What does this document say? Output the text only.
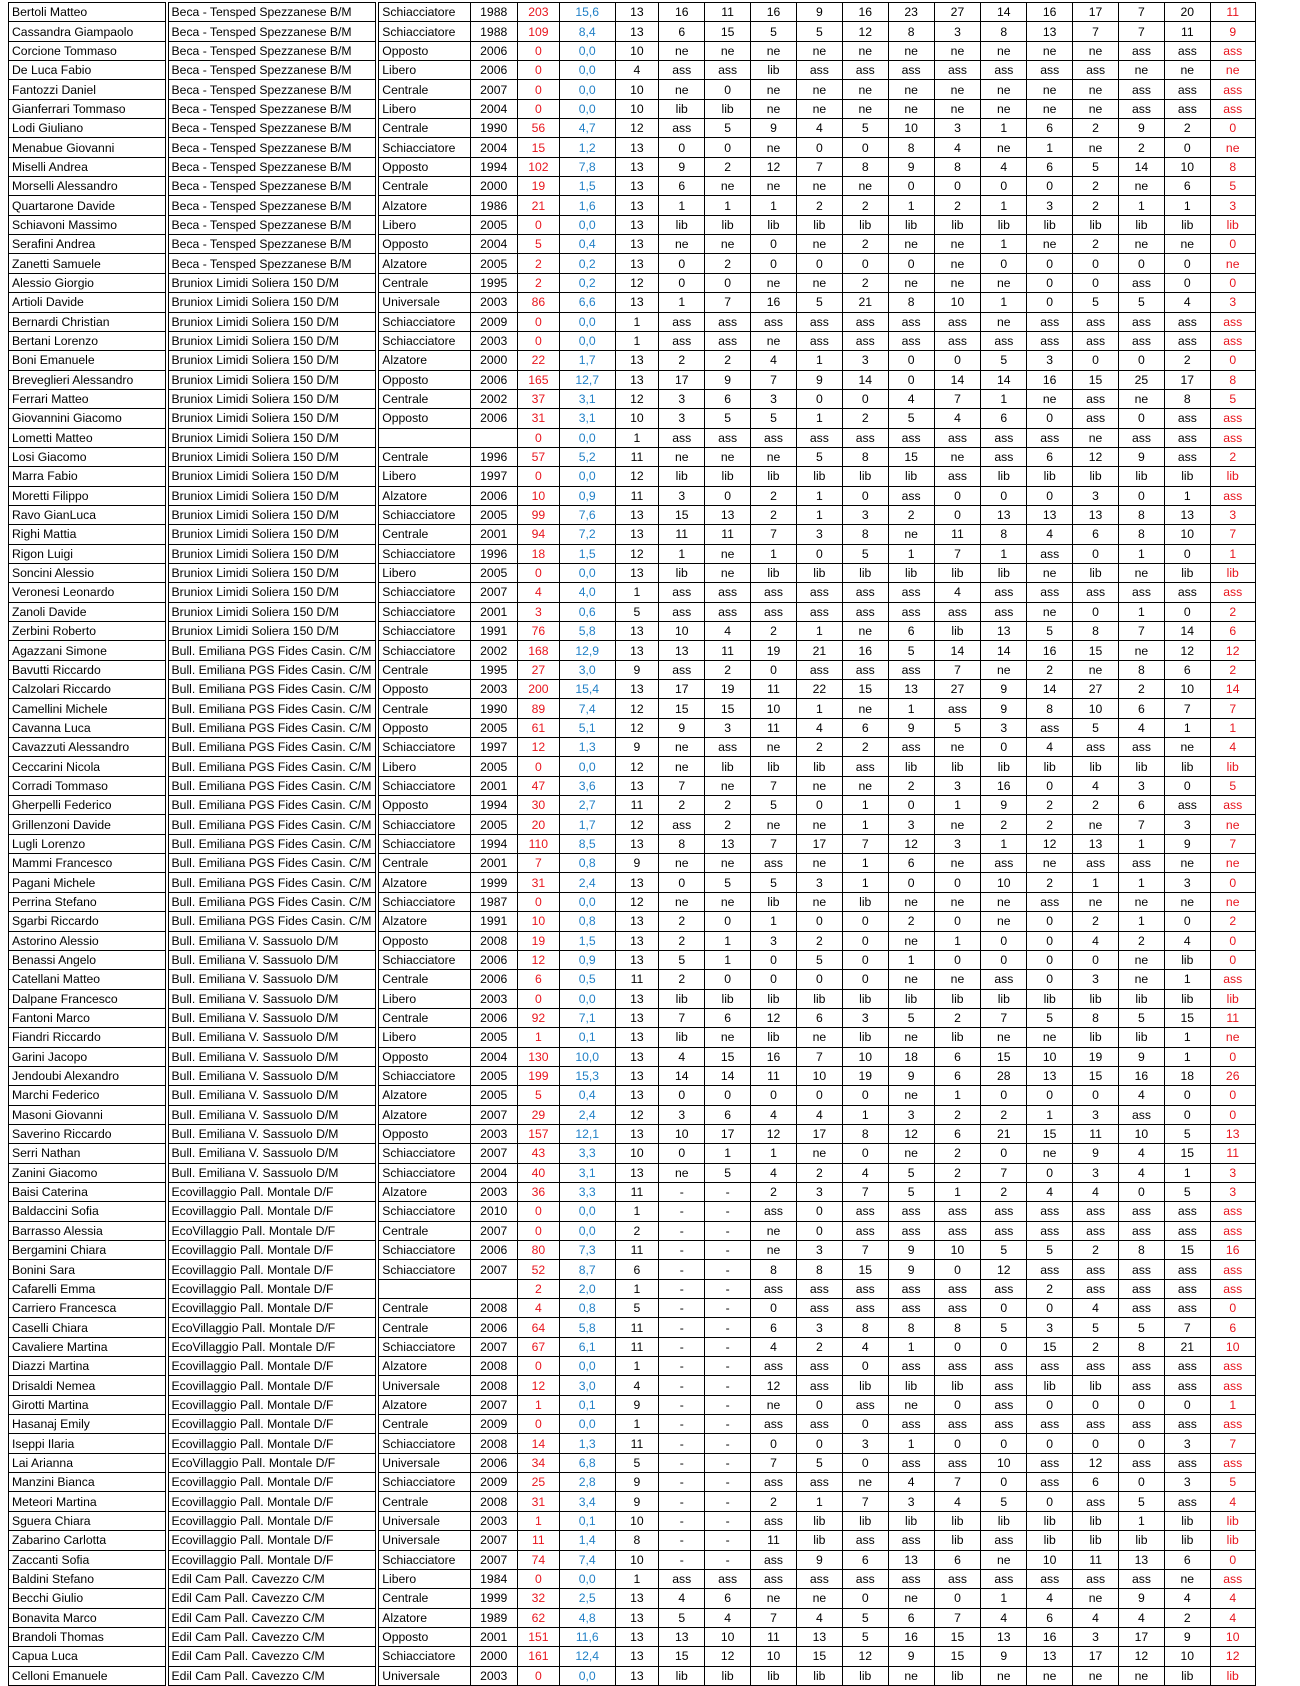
Bertoli Matteo		Beca - Tensped Spezzanese B/M		Schiacciatore	1988	203	15,6	13	16	11	16	9	16	23	27	14	16	17	7	20	11
Cassandra Giampaolo		Beca - Tensped Spezzanese B/M		Schiacciatore	1988	109	8,4	13	6	15	5	5	12	8	3	8	13	7	7	11	9
Corcione Tommaso		Beca - Tensped Spezzanese B/M		Opposto	2006	0	0,0	10	ne	ne	ne	ne	ne	ne	ne	ne	ne	ne	ass	ass	ass
De Luca Fabio		Beca - Tensped Spezzanese B/M		Libero	2006	0	0,0	4	ass	ass	lib	ass	ass	ass	ass	ass	ass	ass	ne	ne	ne
Fantozzi Daniel		Beca - Tensped Spezzanese B/M		Centrale	2007	0	0,0	10	ne	0	ne	ne	ne	ne	ne	ne	ne	ne	ass	ass	ass
Gianferrari Tommaso		Beca - Tensped Spezzanese B/M		Libero	2004	0	0,0	10	lib	lib	ne	ne	ne	ne	ne	ne	ne	ne	ass	ass	ass
Lodi Giuliano		Beca - Tensped Spezzanese B/M		Centrale	1990	56	4,7	12	ass	5	9	4	5	10	3	1	6	2	9	2	0
Menabue Giovanni		Beca - Tensped Spezzanese B/M		Schiacciatore	2004	15	1,2	13	0	0	ne	0	0	8	4	ne	1	ne	2	0	ne
Miselli Andrea		Beca - Tensped Spezzanese B/M		Opposto	1994	102	7,8	13	9	2	12	7	8	9	8	4	6	5	14	10	8
Morselli Alessandro		Beca - Tensped Spezzanese B/M		Centrale	2000	19	1,5	13	6	ne	ne	ne	ne	0	0	0	0	2	ne	6	5
Quartarone Davide		Beca - Tensped Spezzanese B/M		Alzatore	1986	21	1,6	13	1	1	1	2	2	1	2	1	3	2	1	1	3
Schiavoni Massimo		Beca - Tensped Spezzanese B/M		Libero	2005	0	0,0	13	lib	lib	lib	lib	lib	lib	lib	lib	lib	lib	lib	lib	lib
Serafini Andrea		Beca - Tensped Spezzanese B/M		Opposto	2004	5	0,4	13	ne	ne	0	ne	2	ne	ne	1	ne	2	ne	ne	0
Zanetti Samuele		Beca - Tensped Spezzanese B/M		Alzatore	2005	2	0,2	13	0	2	0	0	0	0	ne	0	0	0	0	0	ne
Alessio Giorgio		Bruniox Limidi Soliera 150 D/M		Centrale	1995	2	0,2	12	0	0	ne	ne	2	ne	ne	ne	0	0	ass	0	0
Artioli Davide		Bruniox Limidi Soliera 150 D/M		Universale	2003	86	6,6	13	1	7	16	5	21	8	10	1	0	5	5	4	3
Bernardi Christian		Bruniox Limidi Soliera 150 D/M		Schiacciatore	2009	0	0,0	1	ass	ass	ass	ass	ass	ass	ass	ne	ass	ass	ass	ass	ass
Bertani Lorenzo		Bruniox Limidi Soliera 150 D/M		Schiacciatore	2003	0	0,0	1	ass	ass	ne	ass	ass	ass	ass	ass	ass	ass	ass	ass	ass
Boni Emanuele		Bruniox Limidi Soliera 150 D/M		Alzatore	2000	22	1,7	13	2	2	4	1	3	0	0	5	3	0	0	2	0
Breveglieri Alessandro		Bruniox Limidi Soliera 150 D/M		Opposto	2006	165	12,7	13	17	9	7	9	14	0	14	14	16	15	25	17	8
Ferrari Matteo		Bruniox Limidi Soliera 150 D/M		Centrale	2002	37	3,1	12	3	6	3	0	0	4	7	1	ne	ass	ne	8	5
Giovannini Giacomo		Bruniox Limidi Soliera 150 D/M		Opposto	2006	31	3,1	10	3	5	5	1	2	5	4	6	0	ass	0	ass	ass
Lometti Matteo		Bruniox Limidi Soliera 150 D/M				0	0,0	1	ass	ass	ass	ass	ass	ass	ass	ass	ass	ne	ass	ass	ass
Losi Giacomo		Bruniox Limidi Soliera 150 D/M		Centrale	1996	57	5,2	11	ne	ne	ne	5	8	15	ne	ass	6	12	9	ass	2
Marra Fabio		Bruniox Limidi Soliera 150 D/M		Libero	1997	0	0,0	12	lib	lib	lib	lib	lib	lib	ass	lib	lib	lib	lib	lib	lib
Moretti Filippo		Bruniox Limidi Soliera 150 D/M		Alzatore	2006	10	0,9	11	3	0	2	1	0	ass	0	0	0	3	0	1	ass
Ravo GianLuca		Bruniox Limidi Soliera 150 D/M		Schiacciatore	2005	99	7,6	13	15	13	2	1	3	2	0	13	13	13	8	13	3
Righi Mattia		Bruniox Limidi Soliera 150 D/M		Centrale	2001	94	7,2	13	11	11	7	3	8	ne	11	8	4	6	8	10	7
Rigon Luigi		Bruniox Limidi Soliera 150 D/M		Schiacciatore	1996	18	1,5	12	1	ne	1	0	5	1	7	1	ass	0	1	0	1
Soncini Alessio		Bruniox Limidi Soliera 150 D/M		Libero	2005	0	0,0	13	lib	ne	lib	lib	lib	lib	lib	lib	ne	lib	ne	lib	lib
Veronesi Leonardo		Bruniox Limidi Soliera 150 D/M		Schiacciatore	2007	4	4,0	1	ass	ass	ass	ass	ass	ass	4	ass	ass	ass	ass	ass	ass
Zanoli Davide		Bruniox Limidi Soliera 150 D/M		Schiacciatore	2001	3	0,6	5	ass	ass	ass	ass	ass	ass	ass	ass	ne	0	1	0	2
Zerbini Roberto		Bruniox Limidi Soliera 150 D/M		Schiacciatore	1991	76	5,8	13	10	4	2	1	ne	6	lib	13	5	8	7	14	6
Agazzani Simone		Bull. Emiliana PGS Fides Casin. C/M		Schiacciatore	2002	168	12,9	13	13	11	19	21	16	5	14	14	16	15	ne	12	12
Bavutti Riccardo		Bull. Emiliana PGS Fides Casin. C/M		Centrale	1995	27	3,0	9	ass	2	0	ass	ass	ass	7	ne	2	ne	8	6	2
Calzolari Riccardo		Bull. Emiliana PGS Fides Casin. C/M		Opposto	2003	200	15,4	13	17	19	11	22	15	13	27	9	14	27	2	10	14
Camellini Michele		Bull. Emiliana PGS Fides Casin. C/M		Centrale	1990	89	7,4	12	15	15	10	1	ne	1	ass	9	8	10	6	7	7
Cavanna Luca		Bull. Emiliana PGS Fides Casin. C/M		Opposto	2005	61	5,1	12	9	3	11	4	6	9	5	3	ass	5	4	1	1
Cavazzuti Alessandro		Bull. Emiliana PGS Fides Casin. C/M		Schiacciatore	1997	12	1,3	9	ne	ass	ne	2	2	ass	ne	0	4	ass	ass	ne	4
Ceccarini Nicola		Bull. Emiliana PGS Fides Casin. C/M		Libero	2005	0	0,0	12	ne	lib	lib	lib	ass	lib	lib	lib	lib	lib	lib	lib	lib
Corradi Tommaso		Bull. Emiliana PGS Fides Casin. C/M		Schiacciatore	2001	47	3,6	13	7	ne	7	ne	ne	2	3	16	0	4	3	0	5
Gherpelli Federico		Bull. Emiliana PGS Fides Casin. C/M		Opposto	1994	30	2,7	11	2	2	5	0	1	0	1	9	2	2	6	ass	ass
Grillenzoni Davide		Bull. Emiliana PGS Fides Casin. C/M		Schiacciatore	2005	20	1,7	12	ass	2	ne	ne	1	3	ne	2	2	ne	7	3	ne
Lugli Lorenzo		Bull. Emiliana PGS Fides Casin. C/M		Schiacciatore	1994	110	8,5	13	8	13	7	17	7	12	3	1	12	13	1	9	7
Mammi Francesco		Bull. Emiliana PGS Fides Casin. C/M		Centrale	2001	7	0,8	9	ne	ne	ass	ne	1	6	ne	ass	ne	ass	ass	ne	ne
Pagani Michele		Bull. Emiliana PGS Fides Casin. C/M		Alzatore	1999	31	2,4	13	0	5	5	3	1	0	0	10	2	1	1	3	0
Perrina Stefano		Bull. Emiliana PGS Fides Casin. C/M		Schiacciatore	1987	0	0,0	12	ne	ne	lib	ne	lib	ne	ne	ne	ass	ne	ne	ne	ne
Sgarbi Riccardo		Bull. Emiliana PGS Fides Casin. C/M		Alzatore	1991	10	0,8	13	2	0	1	0	0	2	0	ne	0	2	1	0	2
Astorino Alessio		Bull. Emiliana V. Sassuolo D/M		Opposto	2008	19	1,5	13	2	1	3	2	0	ne	1	0	0	4	2	4	0
Benassi Angelo		Bull. Emiliana V. Sassuolo D/M		Schiacciatore	2006	12	0,9	13	5	1	0	5	0	1	0	0	0	0	ne	lib	0
Catellani Matteo		Bull. Emiliana V. Sassuolo D/M		Centrale	2006	6	0,5	11	2	0	0	0	0	ne	ne	ass	0	3	ne	1	ass
Dalpane Francesco		Bull. Emiliana V. Sassuolo D/M		Libero	2003	0	0,0	13	lib	lib	lib	lib	lib	lib	lib	lib	lib	lib	lib	lib	lib
Fantoni Marco		Bull. Emiliana V. Sassuolo D/M		Centrale	2006	92	7,1	13	7	6	12	6	3	5	2	7	5	8	5	15	11
Fiandri Riccardo		Bull. Emiliana V. Sassuolo D/M		Libero	2005	1	0,1	13	lib	ne	lib	ne	lib	ne	lib	ne	ne	lib	lib	1	ne
Garini Jacopo		Bull. Emiliana V. Sassuolo D/M		Opposto	2004	130	10,0	13	4	15	16	7	10	18	6	15	10	19	9	1	0
Jendoubi Alexandro		Bull. Emiliana V. Sassuolo D/M		Schiacciatore	2005	199	15,3	13	14	14	11	10	19	9	6	28	13	15	16	18	26
Marchi Federico		Bull. Emiliana V. Sassuolo D/M		Alzatore	2005	5	0,4	13	0	0	0	0	0	ne	1	0	0	0	4	0	0
Masoni Giovanni		Bull. Emiliana V. Sassuolo D/M		Alzatore	2007	29	2,4	12	3	6	4	4	1	3	2	2	1	3	ass	0	0
Saverino Riccardo		Bull. Emiliana V. Sassuolo D/M		Opposto	2003	157	12,1	13	10	17	12	17	8	12	6	21	15	11	10	5	13
Serri Nathan		Bull. Emiliana V. Sassuolo D/M		Schiacciatore	2007	43	3,3	10	0	1	1	ne	0	ne	2	0	ne	9	4	15	11
Zanini Giacomo		Bull. Emiliana V. Sassuolo D/M		Schiacciatore	2004	40	3,1	13	ne	5	4	2	4	5	2	7	0	3	4	1	3
Baisi Caterina		Ecovillaggio Pall. Montale D/F		Alzatore	2003	36	3,3	11	-	-	2	3	7	5	1	2	4	4	0	5	3
Baldaccini Sofia		Ecovillaggio Pall. Montale D/F		Schiacciatore	2010	0	0,0	1	-	-	ass	0	ass	ass	ass	ass	ass	ass	ass	ass	ass
Barrasso Alessia		EcoVillaggio Pall. Montale D/F		Centrale	2007	0	0,0	2	-	-	ne	0	ass	ass	ass	ass	ass	ass	ass	ass	ass
Bergamini Chiara		Ecovillaggio Pall. Montale D/F		Schiacciatore	2006	80	7,3	11	-	-	ne	3	7	9	10	5	5	2	8	15	16
Bonini Sara		Ecovillaggio Pall. Montale D/F		Schiacciatore	2007	52	8,7	6	-	-	8	8	15	9	0	12	ass	ass	ass	ass	ass
Cafarelli Emma		Ecovillaggio Pall. Montale D/F				2	2,0	1	-	-	ass	ass	ass	ass	ass	ass	2	ass	ass	ass	ass
Carriero Francesca		Ecovillaggio Pall. Montale D/F		Centrale	2008	4	0,8	5	-	-	0	ass	ass	ass	ass	0	0	4	ass	ass	0
Caselli Chiara		EcoVillaggio Pall. Montale D/F		Centrale	2006	64	5,8	11	-	-	6	3	8	8	8	5	3	5	5	7	6
Cavaliere Martina		EcoVillaggio Pall. Montale D/F		Schiacciatore	2007	67	6,1	11	-	-	4	2	4	1	0	0	15	2	8	21	10
Diazzi Martina		Ecovillaggio Pall. Montale D/F		Alzatore	2008	0	0,0	1	-	-	ass	ass	0	ass	ass	ass	ass	ass	ass	ass	ass
Drisaldi Nemea		Ecovillaggio Pall. Montale D/F		Universale	2008	12	3,0	4	-	-	12	ass	lib	lib	lib	ass	lib	lib	ass	ass	ass
Girotti Martina		Ecovillaggio Pall. Montale D/F		Alzatore	2007	1	0,1	9	-	-	ne	0	ass	ne	0	ass	0	0	0	0	1
Hasanaj Emily		Ecovillaggio Pall. Montale D/F		Centrale	2009	0	0,0	1	-	-	ass	ass	0	ass	ass	ass	ass	ass	ass	ass	ass
Iseppi Ilaria		Ecovillaggio Pall. Montale D/F		Schiacciatore	2008	14	1,3	11	-	-	0	0	3	1	0	0	0	0	0	3	7
Lai Arianna		EcoVillaggio Pall. Montale D/F		Universale	2006	34	6,8	5	-	-	7	5	0	ass	ass	10	ass	12	ass	ass	ass
Manzini Bianca		Ecovillaggio Pall. Montale D/F		Schiacciatore	2009	25	2,8	9	-	-	ass	ass	ne	4	7	0	ass	6	0	3	5
Meteori Martina		Ecovillaggio Pall. Montale D/F		Centrale	2008	31	3,4	9	-	-	2	1	7	3	4	5	0	ass	5	ass	4
Sguera Chiara		Ecovillaggio Pall. Montale D/F		Universale	2003	1	0,1	10	-	-	ass	lib	lib	lib	lib	lib	lib	lib	1	lib	lib
Zabarino Carlotta		Ecovillaggio Pall. Montale D/F		Universale	2007	11	1,4	8	-	-	11	lib	ass	ass	lib	ass	lib	lib	lib	lib	lib
Zaccanti Sofia		Ecovillaggio Pall. Montale D/F		Schiacciatore	2007	74	7,4	10	-	-	ass	9	6	13	6	ne	10	11	13	6	0
Baldini Stefano		Edil Cam Pall. Cavezzo C/M		Libero	1984	0	0,0	1	ass	ass	ass	ass	ass	ass	ass	ass	ass	ass	ass	ne	ass
Becchi Giulio		Edil Cam Pall. Cavezzo C/M		Centrale	1999	32	2,5	13	4	6	ne	ne	0	ne	0	1	4	ne	9	4	4
Bonavita Marco		Edil Cam Pall. Cavezzo C/M		Alzatore	1989	62	4,8	13	5	4	7	4	5	6	7	4	6	4	4	2	4
Brandoli Thomas		Edil Cam Pall. Cavezzo C/M		Opposto	2001	151	11,6	13	13	10	11	13	5	16	15	13	16	3	17	9	10
Capua Luca		Edil Cam Pall. Cavezzo C/M		Schiacciatore	2000	161	12,4	13	15	12	10	15	12	9	15	9	13	17	12	10	12
Celloni Emanuele		Edil Cam Pall. Cavezzo C/M		Universale	2003	0	0,0	13	lib	lib	lib	lib	lib	ne	lib	ne	ne	ne	ne	lib	lib
